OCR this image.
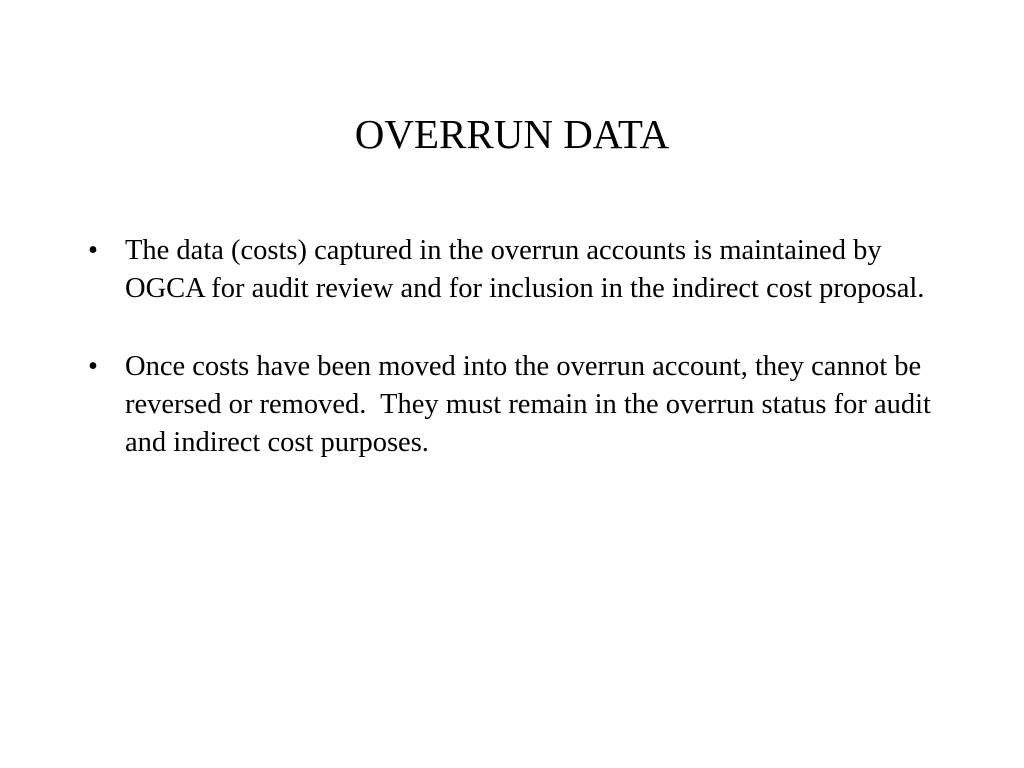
OVERRUN DATA
• The data (costs) captured in the overrun accounts is maintained by OGCA for audit review and for inclusion in the indirect cost proposal.
• Once costs have been moved into the overrun account, they cannot be reversed or removed.  They must remain in the overrun status for audit and indirect cost purposes.
